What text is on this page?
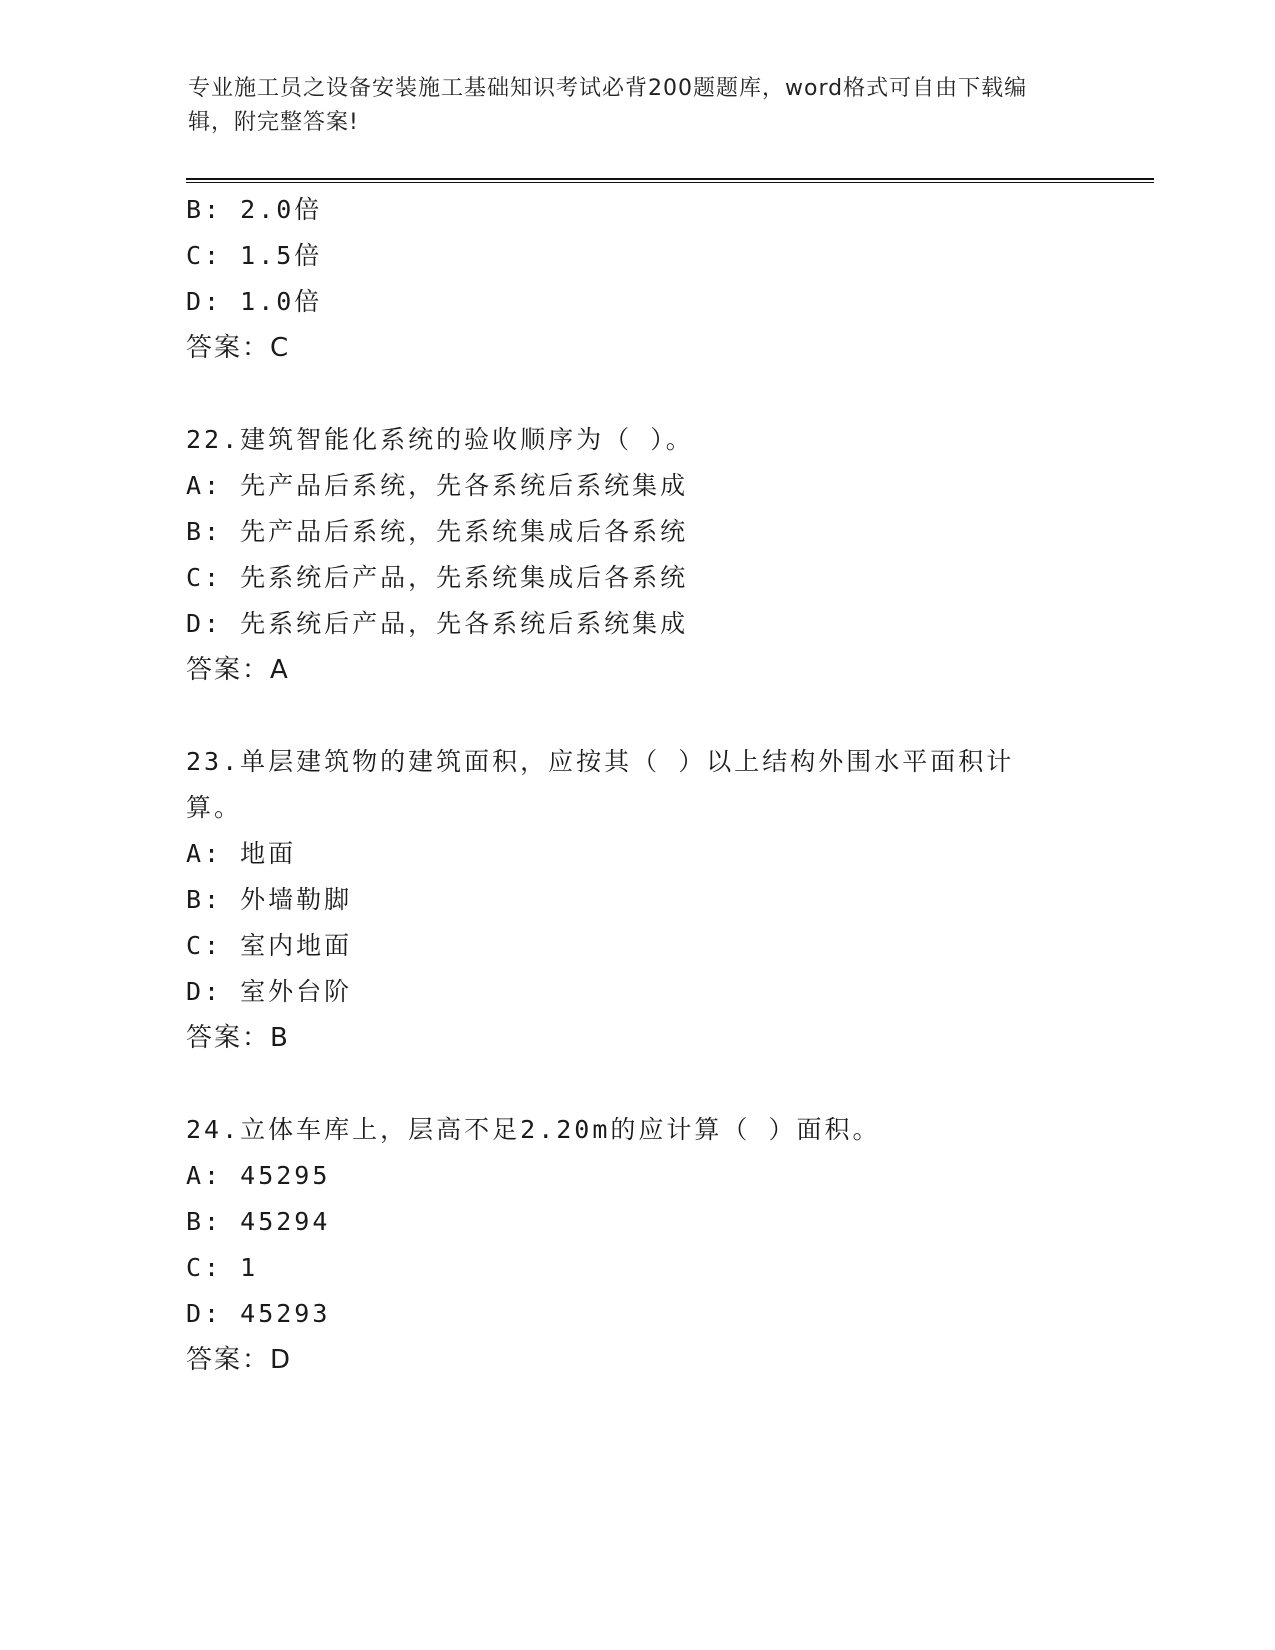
专业施工员之设备安装施工基础知识考试必背200题题库，word格式可自由下载编辑，附完整答案!
B: 2.0倍
C: 1.5倍
D: 1.0倍
答案：C
22.建筑智能化系统的验收顺序为（ ）。
A: 先产品后系统，先各系统后系统集成
B: 先产品后系统，先系统集成后各系统
C: 先系统后产品，先系统集成后各系统
D: 先系统后产品，先各系统后系统集成
答案：A
23.单层建筑物的建筑面积，应按其（ ）以上结构外围水平面积计算。
A: 地面
B: 外墙勒脚
C: 室内地面
D: 室外台阶
答案：B
24.立体车库上，层高不足2.20m的应计算（ ）面积。
A: 45295
B: 45294
C: 1
D: 45293
答案：D
